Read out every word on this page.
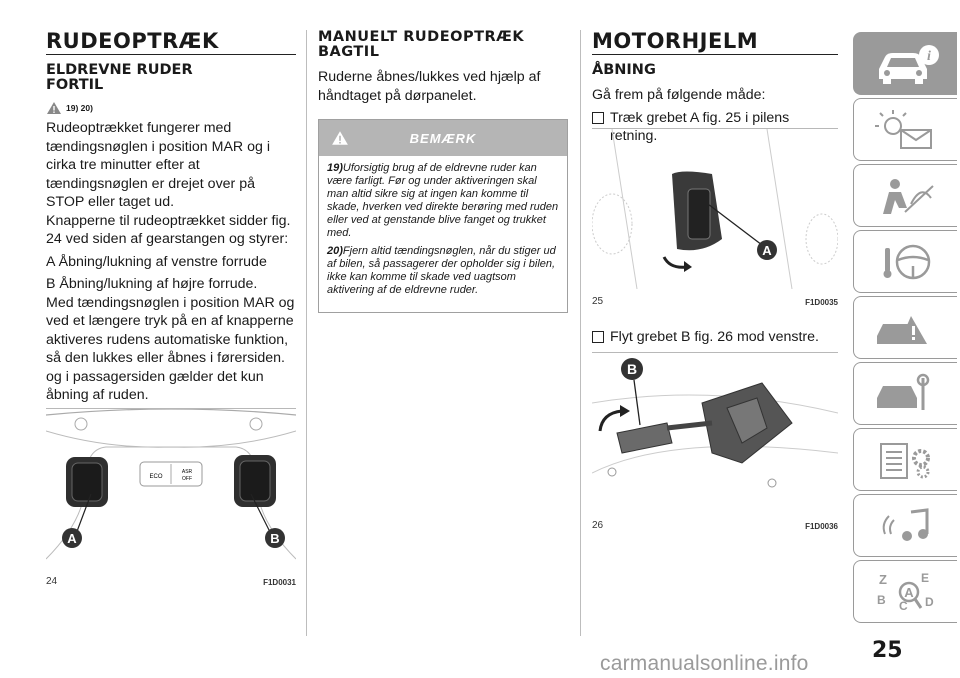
RUDEOPTRÆK
ELDREVNE RUDER
FORTIL
19) 20)

Rudeoptrækket fungerer med tændingsnøglen i position MAR og i cirka tre minutter efter at tændingsnøglen er drejet over på STOP eller taget ud.

Knapperne til rudeoptrækket sidder fig. 24 ved siden af gearstangen og styrer:

A Åbning/lukning af venstre forrude

B Åbning/lukning af højre forrude.

Med tændingsnøglen i position MAR og ved et længere tryk på en af knapperne aktiveres rudens automatiske funktion, så den lukkes eller åbnes i førersiden.

og i passagersiden gælder det kun åbning af ruden.

ECO
ASR
OFF
A	B
24	F1D0031
MANUELT RUDEOPTRÆK
BAGTIL

Ruderne åbnes/lukkes ved hjælp af håndtaget på dørpanelet.

BEMÆRK

19)Uforsigtig brug af de eldrevne ruder kan være farligt. Før og under aktiveringen skal man altid sikre sig at ingen kan komme til skade, hverken ved direkte berøring med ruden eller ved at genstande blive fanget og trukket med.

20)Fjern altid tændingsnøglen, når du stiger ud af bilen, så passagerer der opholder sig i bilen, ikke kan komme til skade ved uagtsom aktivering af de eldrevne ruder.

MOTORHJELM
ÅBNING

Gå frem på følgende måde:

Træk grebet A fig. 25 i pilens retning.
A
25	F1D0035
Flyt grebet B fig. 26 mod venstre.
B
26	F1D0036
i
Z	E
B C D
A
25
carmanualsonline.info
